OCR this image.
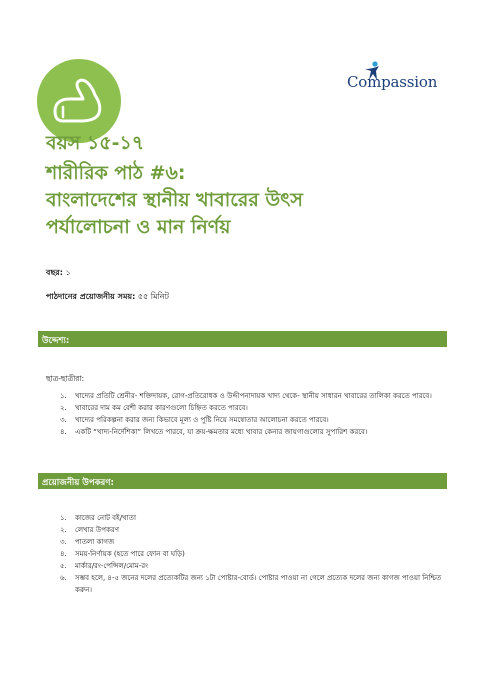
Compassion
বয়স ১৫-১৭
শারীরিক পাঠ #৬:
বাংলাদেশের স্থানীয় খাবারের উৎস
পর্যালোচনা ও মান নির্ণয়
বছর: ১
পাঠদানের প্রয়োজনীয় সময়: ৫৫ মিনিট
উদ্দেশ্য:
ছাত্র-ছাত্রীরা:
১. খাদ্যের প্রতিটি শ্রেনীর- শক্তিদায়ক, রোগ-প্রতিরোধক ও উদ্দীপনাদায়ক খাদ্য থেকে- স্থানীয় সাধারন খাবারের তালিকা করতে পারবে।
২. খাবারের দাম কম বেশী করার কারণগুলো চিহ্নিত করতে পারবে।
৩. খাদ্যের পরিকল্পনা করার জন্য কিভাবে মূল্য ও পুষ্টি নিয়ে সমন্বোতার আলোচনা করতে পারবে।
৪. একটি “খাদ্য-নির্দেশিকা” লিখতে পারবে, যা ক্রয়-ক্ষমতার মধ্যে খাবার কেনার জায়গাগুলোর সুপারিশ করবে।
প্রয়োজনীয় উপকরণ:
১. কাজের নোট বই/খাতা
২. লেখার উপকরণ
৩. পাতলা কাগজ
৪. সময়-নির্ণায়ক (হতে পারে ফোন বা ঘড়ি)
৫. মার্কার/রং-পেন্সিল/মোম-রং
৬. সম্ভব হলে, ৪-৫ জনের দলের প্রত্যেকটির জন্য ১টা পোষ্টার-বোর্ড। পোষ্টার পাওয়া না গেলে প্রত্যেক দলের জন্য কাগজ পাওয়া নিশ্চিত করুন।
